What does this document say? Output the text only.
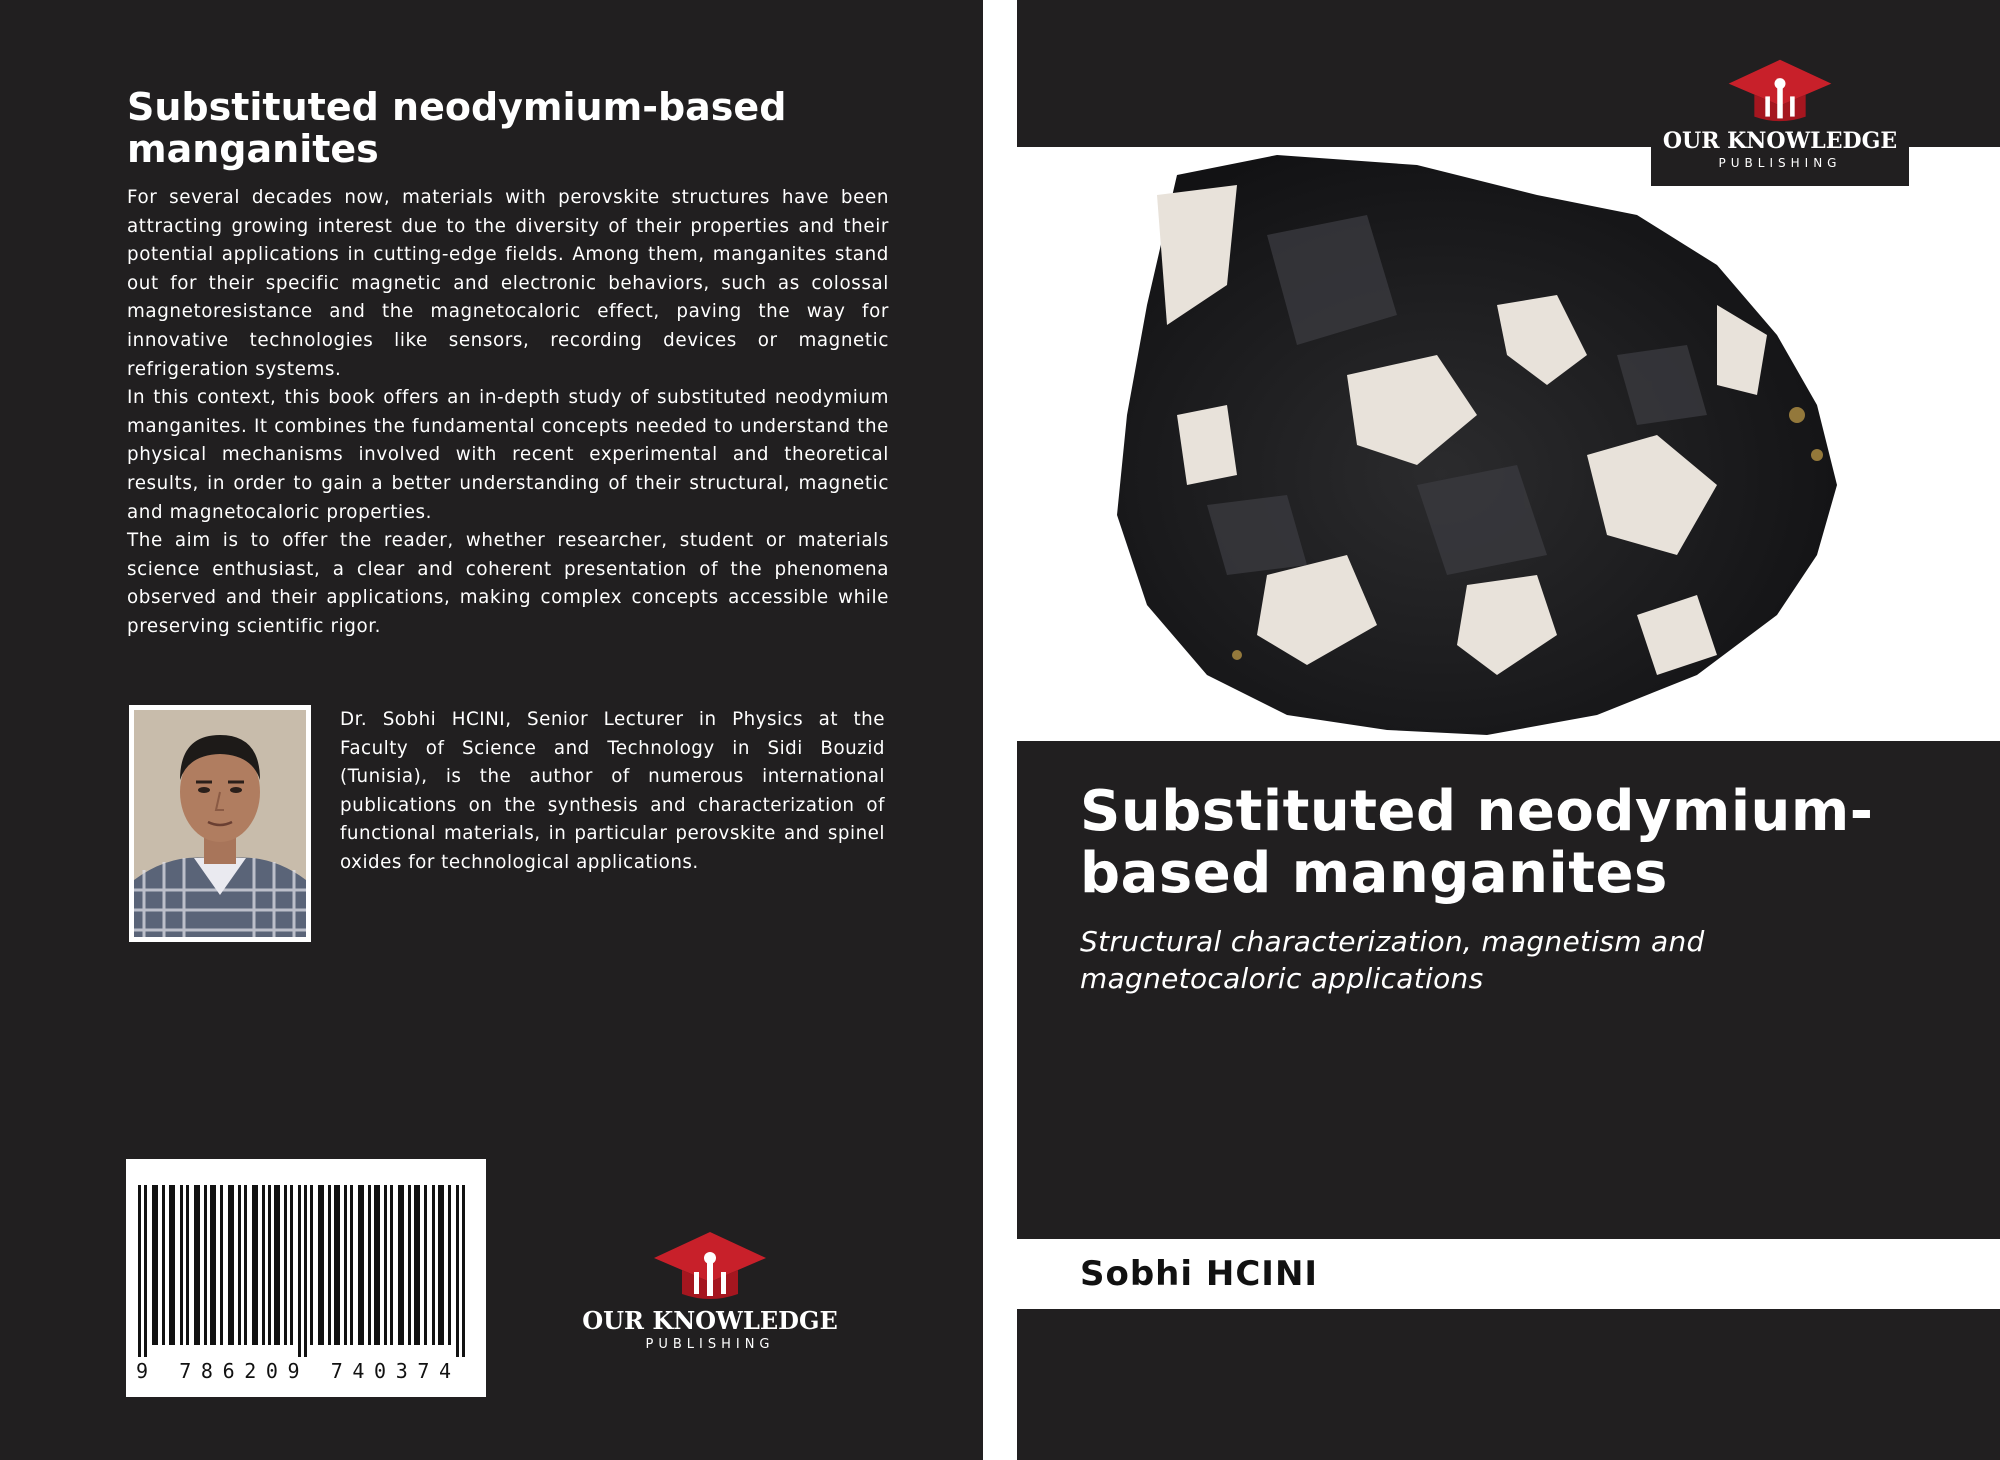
Substituted neodymium-based manganites

For several decades now, materials with perovskite structures have been attracting growing interest due to the diversity of their properties and their potential applications in cutting-edge fields. Among them, manganites stand out for their specific magnetic and electronic behaviors, such as colossal magnetoresistance and the magnetocaloric effect, paving the way for innovative technologies like sensors, recording devices or magnetic refrigeration systems.

In this context, this book offers an in-depth study of substituted neodymium manganites. It combines the fundamental concepts needed to understand the physical mechanisms involved with recent experimental and theoretical results, in order to gain a better understanding of their structural, magnetic and magnetocaloric properties.

The aim is to offer the reader, whether researcher, student or materials science enthusiast, a clear and coherent presentation of the phenomena observed and their applications, making complex concepts accessible while preserving scientific rigor.

Dr. Sobhi HCINI, Senior Lecturer in Physics at the Faculty of Science and Technology in Sidi Bouzid (Tunisia), is the author of numerous international publications on the synthesis and characterization of functional materials, in particular perovskite and spinel oxides for technological applications.

9 786209 740374
OUR KNOWLEDGE
PUBLISHING
OUR KNOWLEDGE
PUBLISHING
Substituted neodymium-based manganites

Structural characterization, magnetism and magnetocaloric applications

Sobhi HCINI
